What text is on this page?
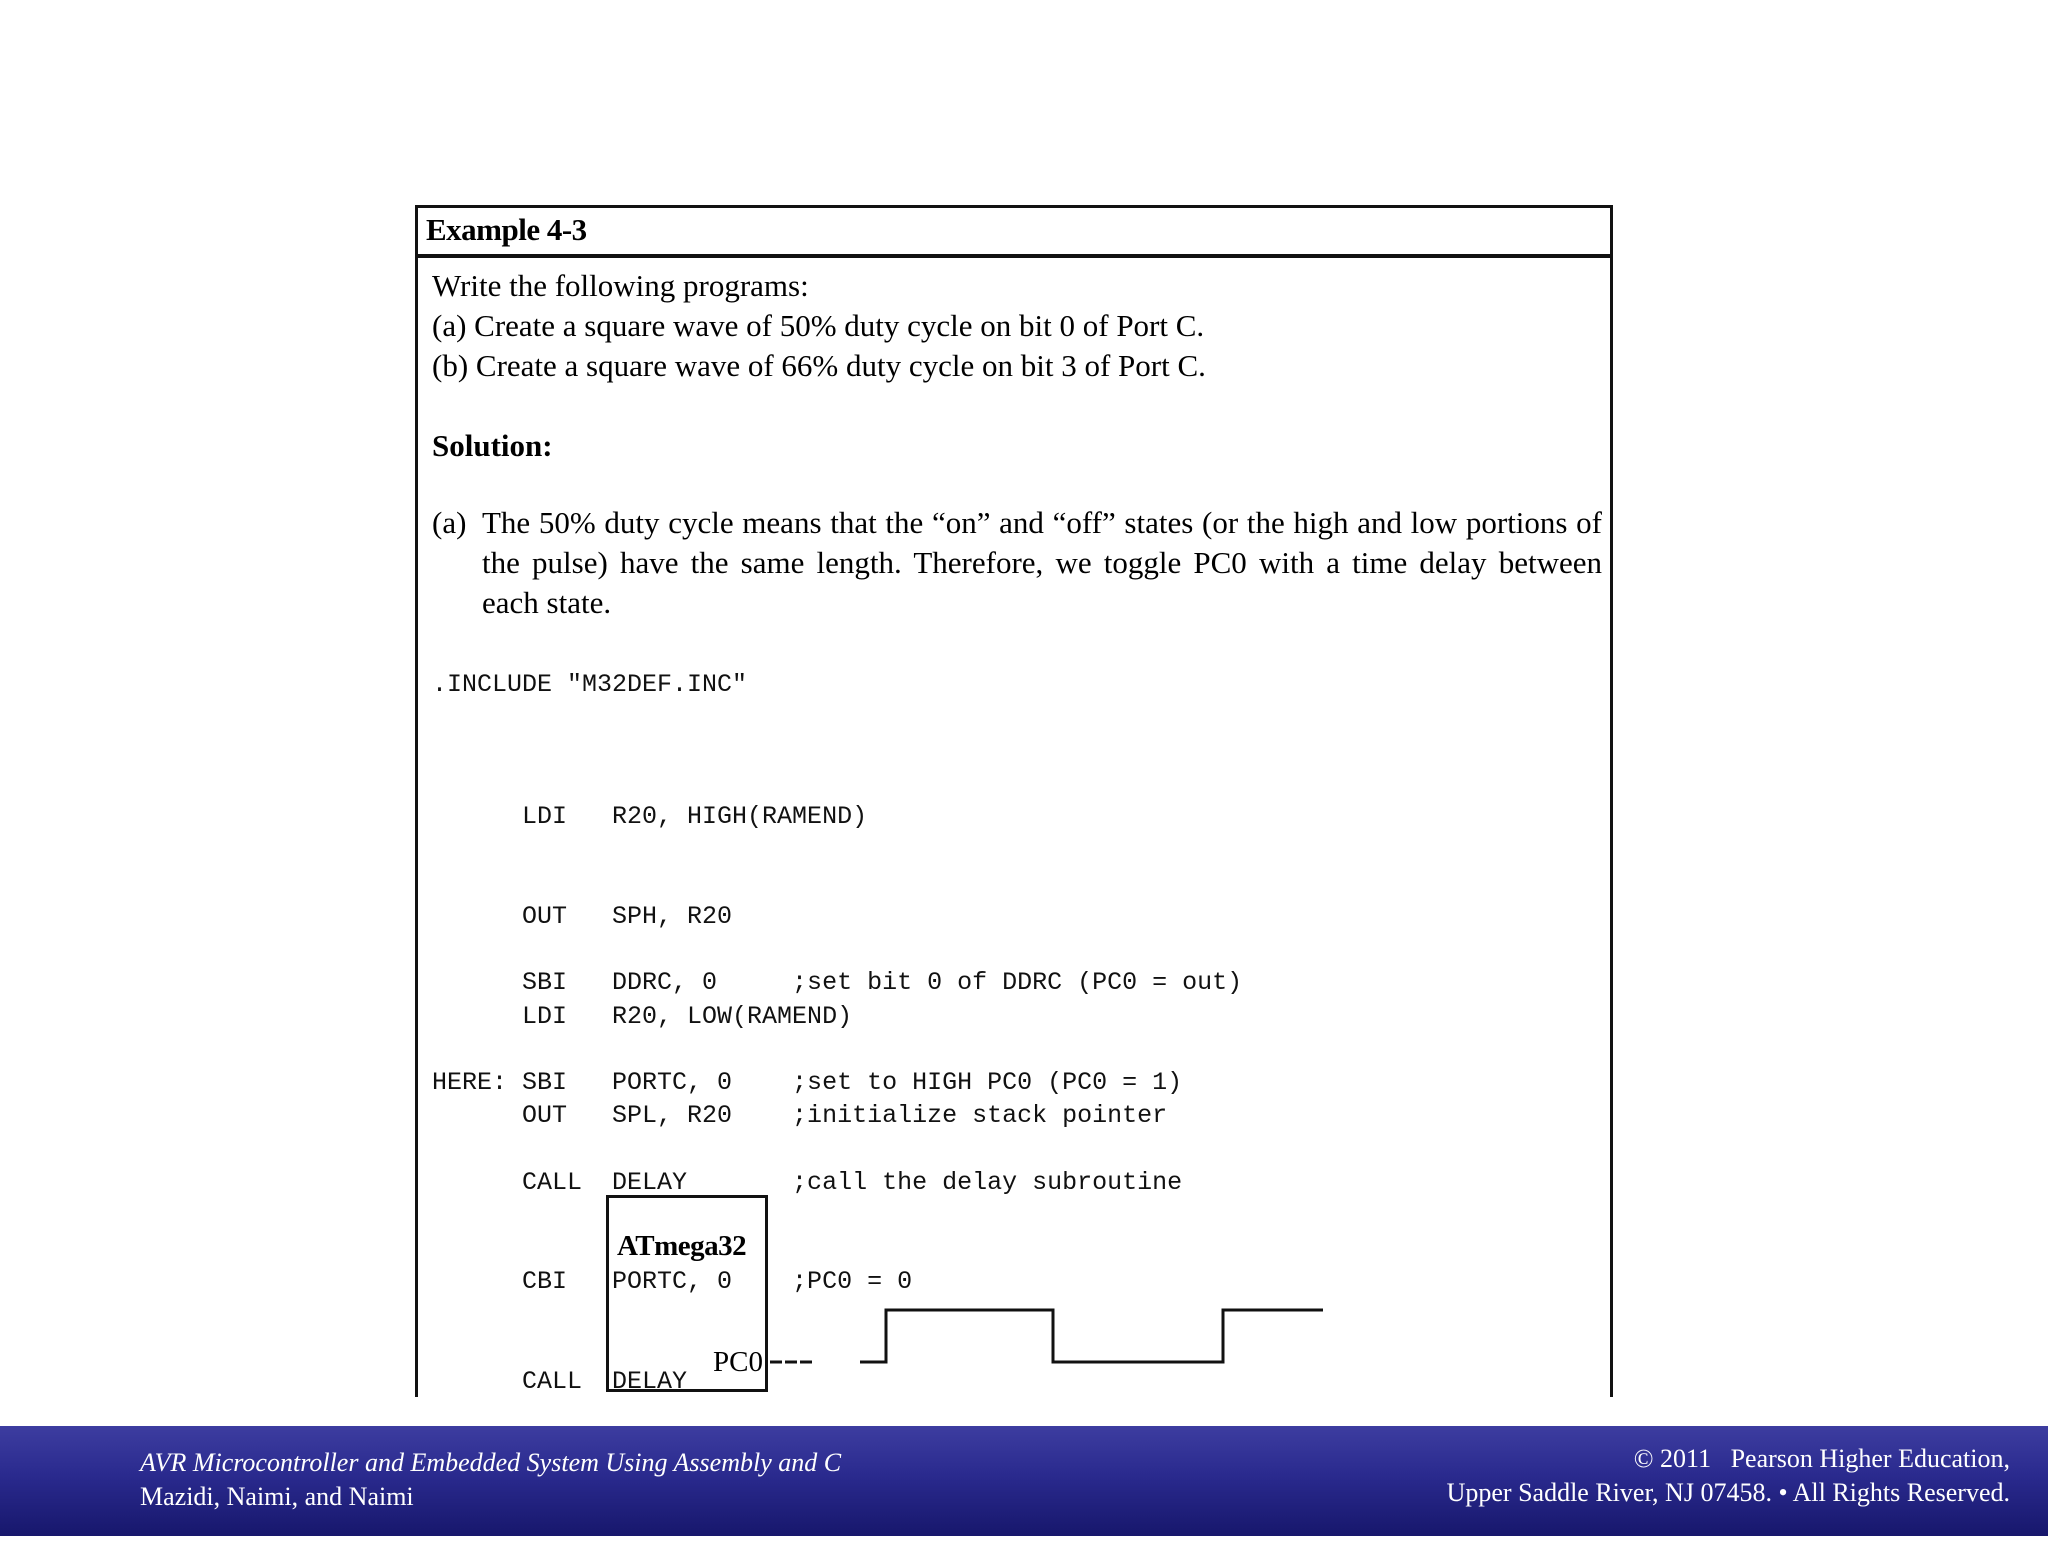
Example 4-3
Write the following programs:
(a) Create a square wave of 50% duty cycle on bit 0 of Port C.
(b) Create a square wave of 66% duty cycle on bit 3 of Port C.
Solution:
(a) The 50% duty cycle means that the “on” and “off” states (or the high and low portions of the pulse) have the same length. Therefore, we toggle PC0 with a time delay between each state.
.INCLUDE "M32DEF.INC"

LDI   R20, HIGH(RAMEND)

OUT   SPH, R20

LDI   R20, LOW(RAMEND)

OUT   SPL, R20    ;initialize stack pointer

SBI   DDRC, 0     ;set bit 0 of DDRC (PC0 = out)

HERE: SBI   PORTC, 0    ;set to HIGH PC0 (PC0 = 1)

CALL  DELAY       ;call the delay subroutine

CBI   PORTC, 0    ;PC0 = 0

CALL  DELAY

ATmega32
PC0
AVR Microcontroller and Embedded System Using Assembly and C
Mazidi, Naimi, and Naimi
© 2011   Pearson Higher Education,
Upper Saddle River, NJ 07458. • All Rights Reserved.
